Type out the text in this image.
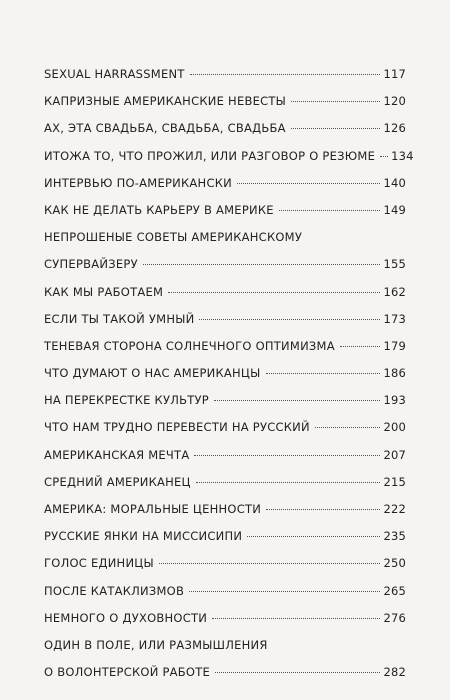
SEXUAL HARRASSMENT	117
КАПРИЗНЫЕ АМЕРИКАНСКИЕ НЕВЕСТЫ	120
АХ, ЭТА СВАДЬБА, СВАДЬБА, СВАДЬБА	126
ИТОЖА ТО, ЧТО ПРОЖИЛ, ИЛИ РАЗГОВОР О РЕЗЮМЕ 134
ИНТЕРВЬЮ ПО-АМЕРИКАНСКИ	140
КАК НЕ ДЕЛАТЬ КАРЬЕРУ В АМЕРИКЕ	149
НЕПРОШЕНЫЕ СОВЕТЫ АМЕРИКАНСКОМУ
СУПЕРВАЙЗЕРУ	155
КАК МЫ РАБОТАЕМ	162
ЕСЛИ ТЫ ТАКОЙ УМНЫЙ	173
ТЕНЕВАЯ СТОРОНА СОЛНЕЧНОГО ОПТИМИЗМА	179
ЧТО ДУМАЮТ О НАС АМЕРИКАНЦЫ	186
НА ПЕРЕКРЕСТКЕ КУЛЬТУР	193
ЧТО НАМ ТРУДНО ПЕРЕВЕСТИ НА РУССКИЙ	200
АМЕРИКАНСКАЯ МЕЧТА	207
СРЕДНИЙ АМЕРИКАНЕЦ	215
АМЕРИКА: МОРАЛЬНЫЕ ЦЕННОСТИ	222
РУССКИЕ ЯНКИ НА МИССИСИПИ	235
ГОЛОС ЕДИНИЦЫ	250
ПОСЛЕ КАТАКЛИЗМОВ	265
НЕМНОГО О ДУХОВНОСТИ	276
ОДИН В ПОЛЕ, ИЛИ РАЗМЫШЛЕНИЯ
О ВОЛОНТЕРСКОЙ РАБОТЕ	282
